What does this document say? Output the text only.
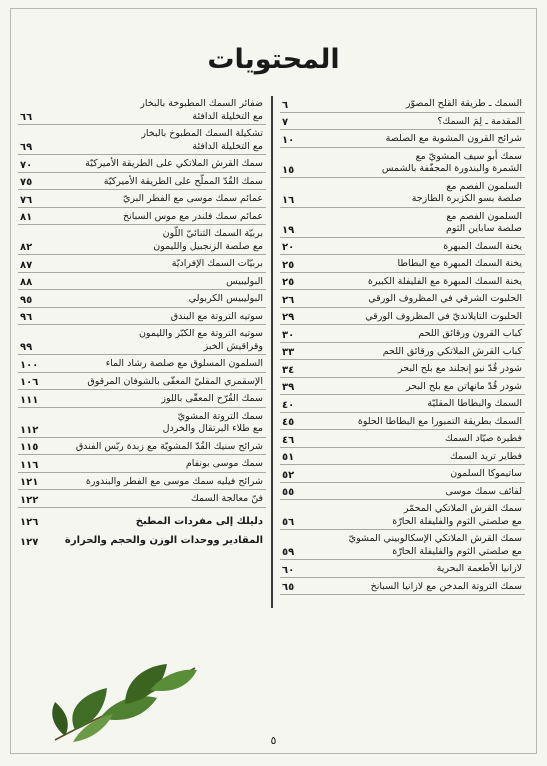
المحتويات
السمك ـ طريقة القلح المصوّر
٦
المقدمة ـ لِمَ السمك؟
٧
شرائح القرون المشوية مع الصلصة
١٠
سمك أبو سيف المشويّ مع
الشمرة والبندورة المجفّفة بالشمس
١٥
السلمون الفصم مع
صلصة بسو الكزبرة الطازجة
١٦
السلمون الفصم مع
صلصة ساباين الثوم
١٩
يخنة السمك المبهرة
٢٠
يخنة السمك المبهرة مع البطاطا
٢٥
يخنة السمك المبهرة مع الفليفلة الكبيرة
٢٥
الحلبوت الشرقي في المظروف الورقي
٢٦
الحلبوت التايلانديّ في المظروف الورقي
٢٩
كباب القرون ورقائق اللحم
٣٠
كباب القرش الملاتكي ورقائق اللحم
٣٣
شودر قُدّ نيو إنجلند مع بلح البحر
٣٤
شودر قُدّ مانهاتن مع بلح البحر
٣٩
السمك والبطاطا المقليّة
٤٠
السمك بطريقة التمبورا مع البطاطا الحلوة
٤٥
فطيرة صيّاد السمك
٤٦
فطاير تريد السمك
٥١
ساتيموكا السلمون
٥٢
لفائف سمك موسى
٥٥
سمك القرش الملاتكي المحمّر
مع صلصتي الثوم والفليفلة الحارّة
٥٦
سمك القرش الملاتكي الإسكالوبيني المشويّ
مع صلصتي الثوم والفليفلة الحارّة
٥٩
لازانيا الأطعمة البحرية
٦٠
سمك التروتة المدخن مع لازانيا السبانخ
٦٥
ضفائر السمك المطبوخة بالبخار
مع التخليلة الدافئة
٦٦
تشكيلة السمك المطبوخ بالبخار
مع التخليلة الدافئة
٦٩
سمك القرش الملاتكي على الطريقة الأميركيّة
٧٠
سمك القُدّ المملّح على الطريقة الأميركيّة
٧٥
عمائم سمك موسى مع الفطر البريّ
٧٦
عمائم سمك فلندر مع موس السبانخ
٨١
بربيّة السمك الثنائيّ اللّون
مع صلصة الزنجبيل والليمون
٨٢
بربيّات السمك الإفراديّة
٨٧
البوليبيس
٨٨
البوليبيس الكربولي
٩٥
سوتيه التروتة مع البندق
٩٦
سوتيه التروتة مع الكبّر والليمون
وقراقيش الخبز
٩٩
السلمون المسلوق مع صلصة رشاد الماء
١٠٠
الإسقمري المقليّ المعقّى بالشوفان المرقوق
١٠٦
سمك القُرّح المعقّى باللوز
١١١
سمك التروتة المشويّ
مع طلاء البرتقال والخردل
١١٢
شرائح سنيك القُدّ المشويّة مع زبدة ربّس الفندق
١١٥
سمك موسى بونفام
١١٦
شرائح فيليه سمك موسى مع الفطر والبندورة
١٢١
فنّ معالجة السمك
١٢٢
دليلك إلى مفردات المطبخ
١٢٦
المقادير ووحدات الوزن والحجم والحرارة
١٢٧
٥
